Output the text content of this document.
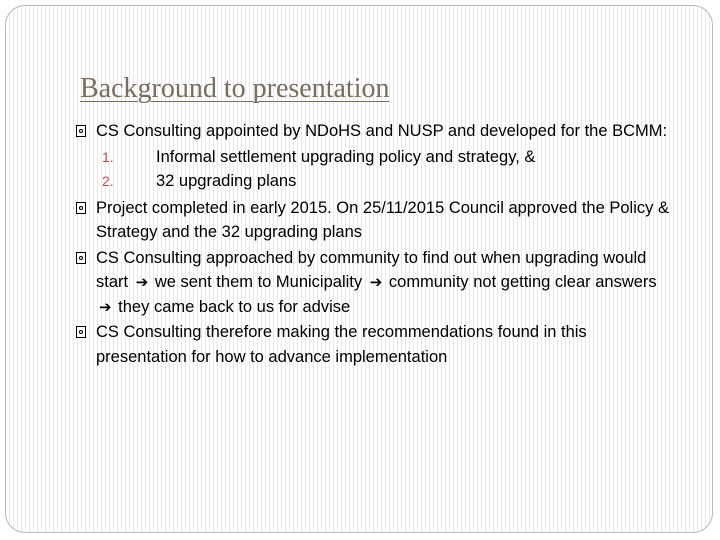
Background to presentation
CS Consulting appointed by NDoHS and NUSP and developed for the BCMM:
1.	Informal settlement upgrading policy and strategy, &
2.	32 upgrading plans
Project completed in early 2015. On 25/11/2015 Council approved the Policy & Strategy and the 32 upgrading plans
CS Consulting approached by community to find out when upgrading would start ➔ we sent them to Municipality ➔ community not getting clear answers ➔ they came back to us for advise
CS Consulting therefore making the recommendations found in this presentation for how to advance implementation
